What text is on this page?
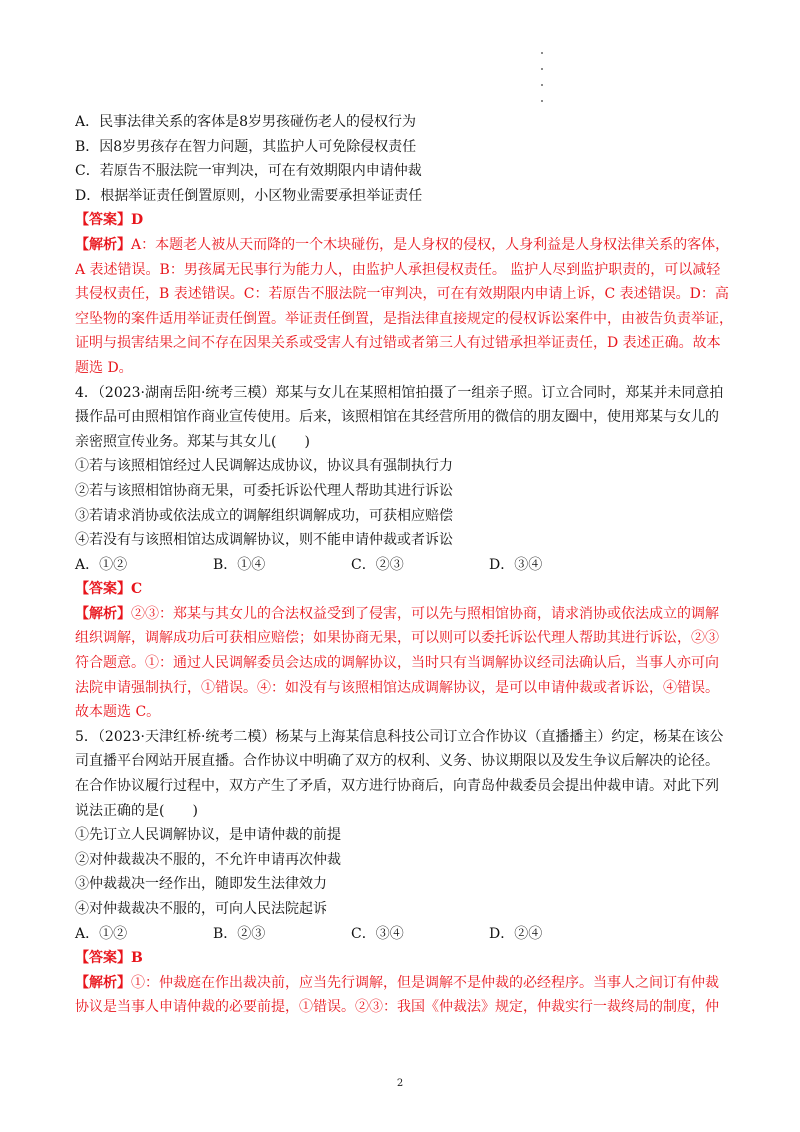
A．民事法律关系的客体是8岁男孩碰伤老人的侵权行为
B．因8岁男孩存在智力问题，其监护人可免除侵权责任
C．若原告不服法院一审判决，可在有效期限内申请仲裁
D．根据举证责任倒置原则，小区物业需要承担举证责任
【答案】D
【解析】A：本题老人被从天而降的一个木块碰伤，是人身权的侵权，人身利益是人身权法律关系的客体，
A 表述错误。B：男孩属无民事行为能力人，由监护人承担侵权责任。 监护人尽到监护职责的，可以减轻
其侵权责任，B 表述错误。C：若原告不服法院一审判决，可在有效期限内申请上诉，C 表述错误。D：高
空坠物的案件适用举证责任倒置。举证责任倒置，是指法律直接规定的侵权诉讼案件中，由被告负责举证，
证明与损害结果之间不存在因果关系或受害人有过错或者第三人有过错承担举证责任，D 表述正确。故本
题选 D。
4．（2023·湖南岳阳·统考三模）郑某与女儿在某照相馆拍摄了一组亲子照。订立合同时，郑某并未同意拍
摄作品可由照相馆作商业宣传使用。后来，该照相馆在其经营所用的微信的朋友圈中，使用郑某与女儿的
亲密照宣传业务。郑某与其女儿(　　)
①若与该照相馆经过人民调解达成协议，协议具有强制执行力
②若与该照相馆协商无果，可委托诉讼代理人帮助其进行诉讼
③若请求消协或依法成立的调解组织调解成功，可获相应赔偿
④若没有与该照相馆达成调解协议，则不能申请仲裁或者诉讼
A．①②	B．①④	C．②③	D．③④
【答案】C
【解析】②③：郑某与其女儿的合法权益受到了侵害，可以先与照相馆协商，请求消协或依法成立的调解
组织调解，调解成功后可获相应赔偿；如果协商无果，可以则可以委托诉讼代理人帮助其进行诉讼，②③
符合题意。①：通过人民调解委员会达成的调解协议，当时只有当调解协议经司法确认后，当事人亦可向
法院申请强制执行，①错误。④：如没有与该照相馆达成调解协议，是可以申请仲裁或者诉讼，④错误。
故本题选 C。
5．（2023·天津红桥·统考二模）杨某与上海某信息科技公司订立合作协议（直播播主）约定，杨某在该公
司直播平台网站开展直播。合作协议中明确了双方的权利、义务、协议期限以及发生争议后解决的论径。
在合作协议履行过程中，双方产生了矛盾，双方进行协商后，向青岛仲裁委员会提出仲裁申请。对此下列
说法正确的是(　　)
①先订立人民调解协议，是申请仲裁的前提
②对仲裁裁决不服的，不允许申请再次仲裁
③仲裁裁决一经作出，随即发生法律效力
④对仲裁裁决不服的，可向人民法院起诉
A．①②	B．②③	C．③④	D．②④
【答案】B
【解析】①：仲裁庭在作出裁决前，应当先行调解，但是调解不是仲裁的必经程序。当事人之间订有仲裁
协议是当事人申请仲裁的必要前提，①错误。②③：我国《仲裁法》规定，仲裁实行一裁终局的制度，仲
2
